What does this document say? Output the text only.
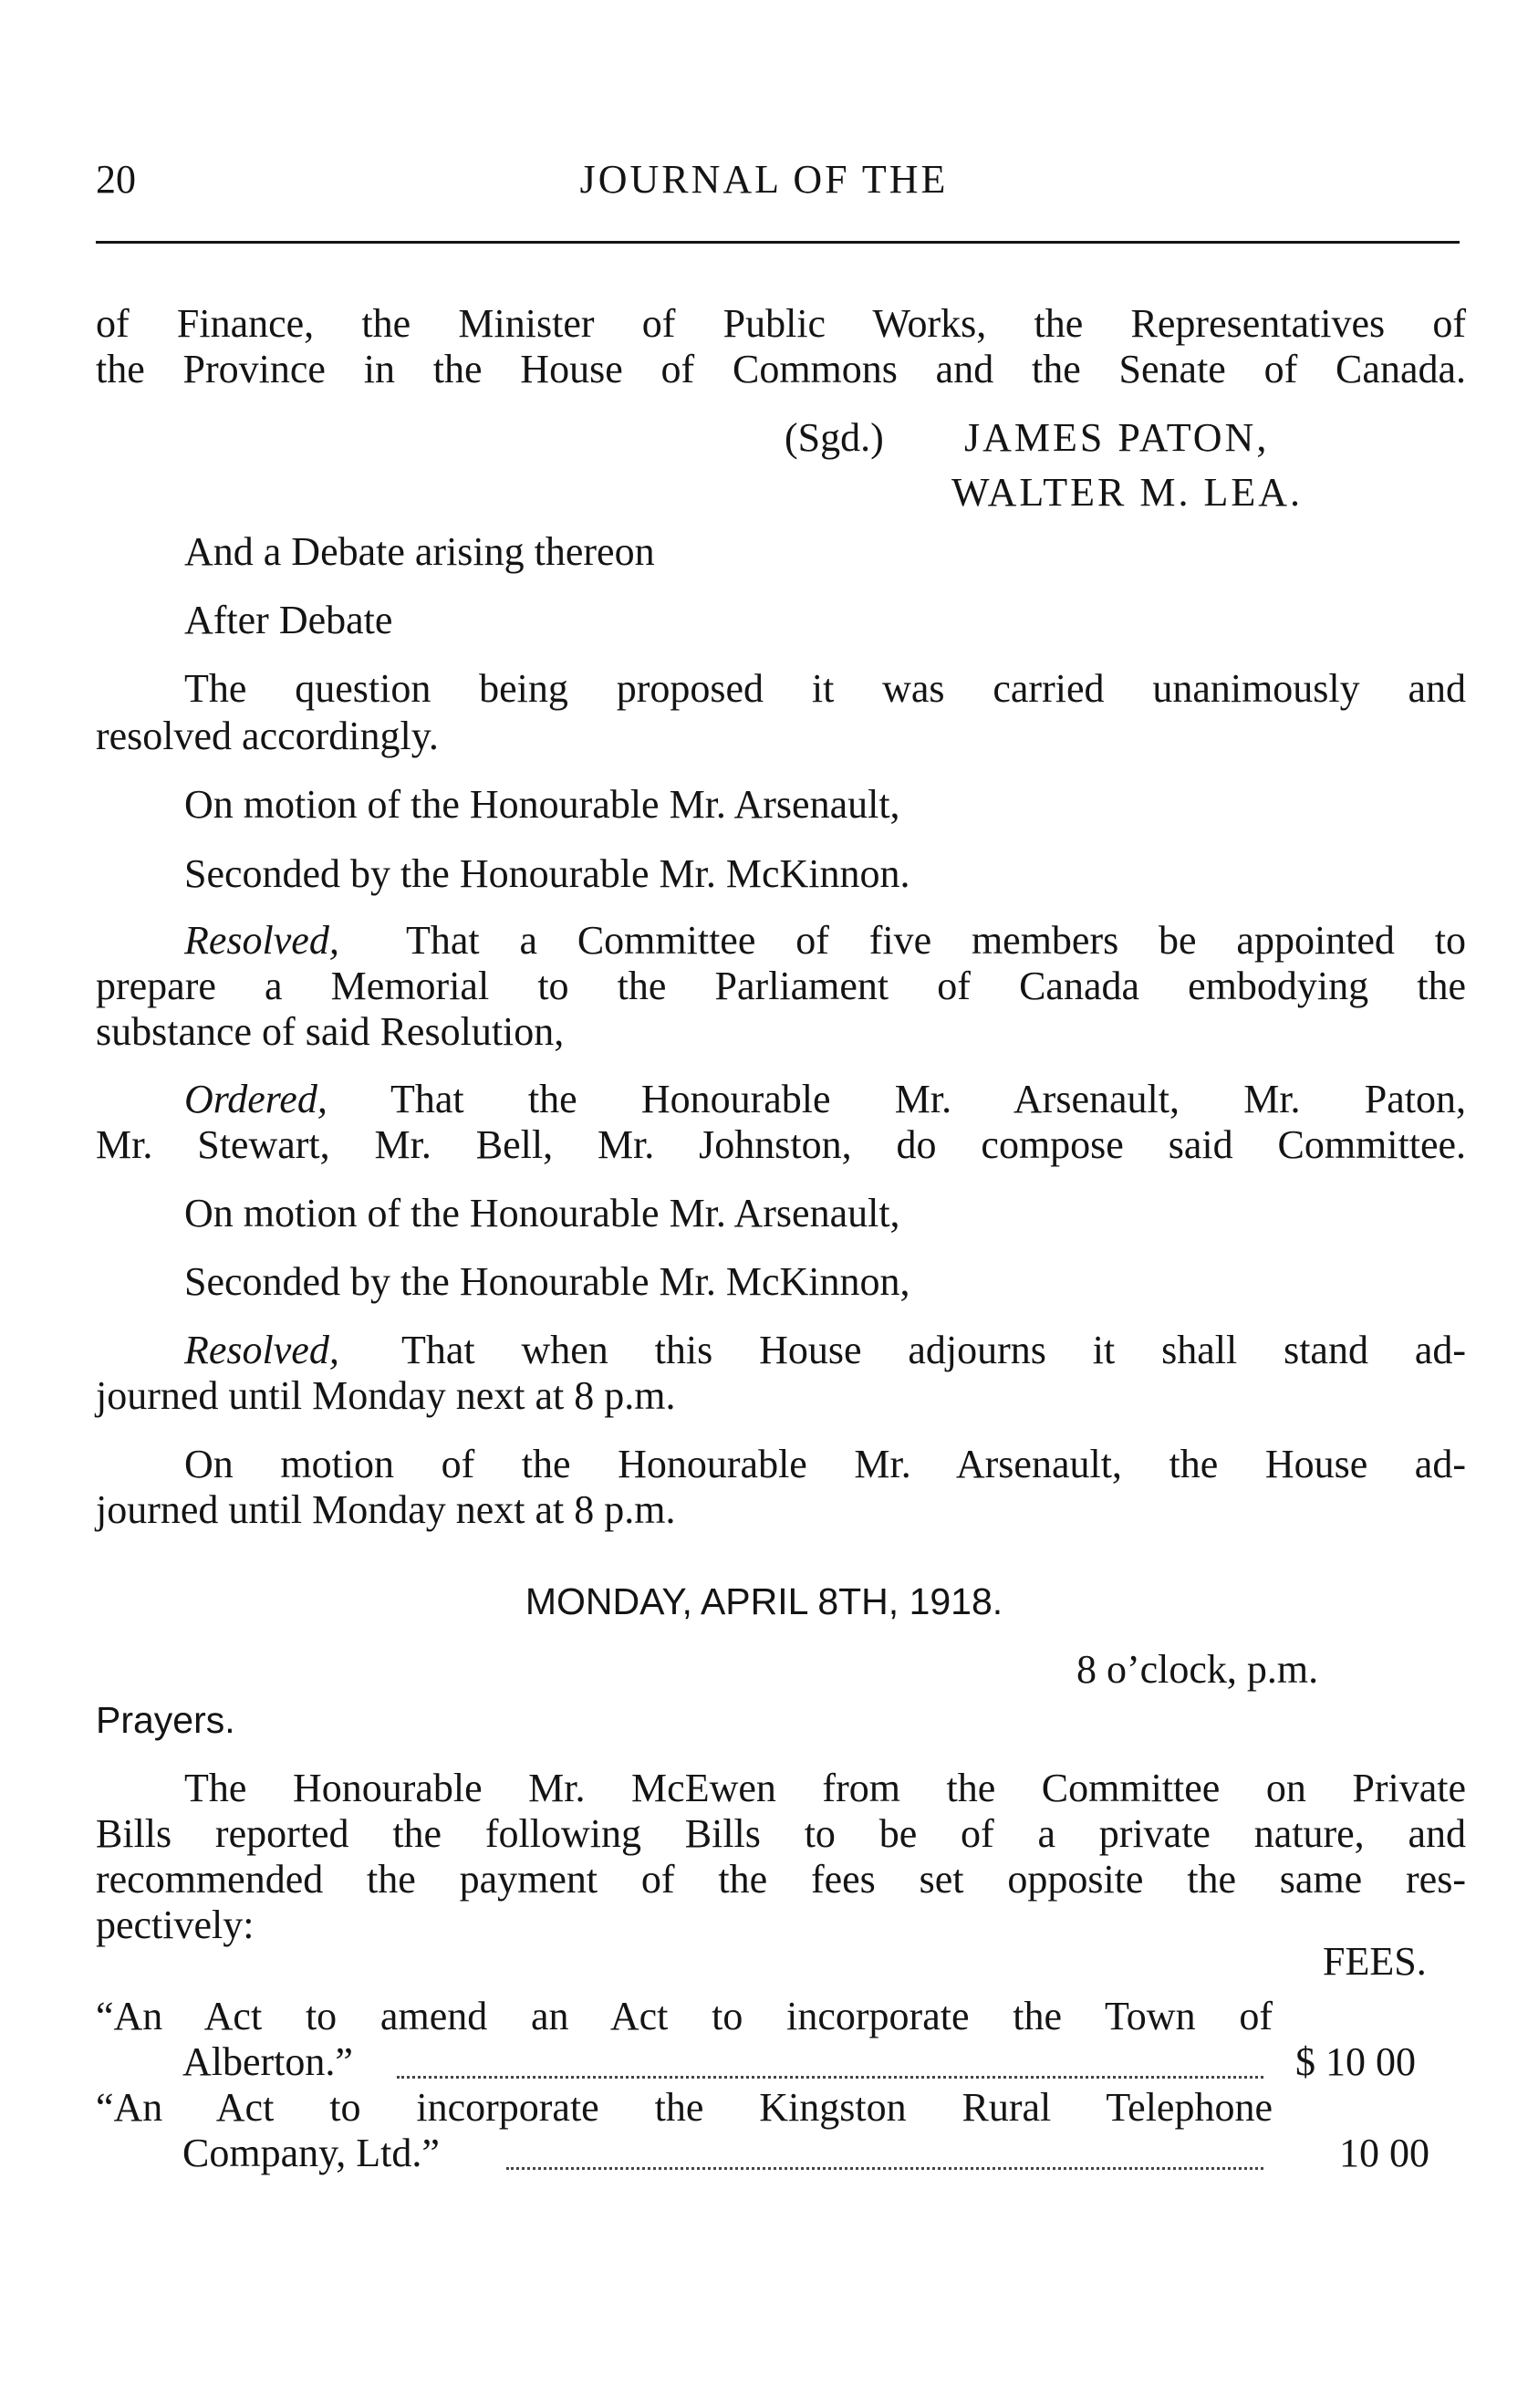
20	JOURNAL OF THE
of Finance, the Minister of Public Works, the Representatives of
the Province in the House of Commons and the Senate of Canada.
(Sgd.) JAMES PATON,
WALTER M. LEA.
And a Debate arising thereon
After Debate
The question being proposed it was carried unanimously and
resolved accordingly.
On motion of the Honourable Mr. Arsenault,
Seconded by the Honourable Mr. McKinnon.
Resolved, That a Committee of five members be appointed to
prepare a Memorial to the Parliament of Canada embodying the
substance of said Resolution,
Ordered, That the Honourable Mr. Arsenault, Mr. Paton,
Mr. Stewart, Mr. Bell, Mr. Johnston, do compose said Committee.
On motion of the Honourable Mr. Arsenault,
Seconded by the Honourable Mr. McKinnon,
Resolved, That when this House adjourns it shall stand ad-
journed until Monday next at 8 p.m.
On motion of the Honourable Mr. Arsenault, the House ad-
journed until Monday next at 8 p.m.
MONDAY, APRIL 8TH, 1918.
8 o’clock, p.m.
Prayers.
The Honourable Mr. McEwen from the Committee on Private
Bills reported the following Bills to be of a private nature, and
recommended the payment of the fees set opposite the same res-
pectively:
FEES.
“An Act to amend an Act to incorporate the Town of
Alberton.”	$ 10 00
“An Act to incorporate the Kingston Rural Telephone
Company, Ltd.”	10 00
